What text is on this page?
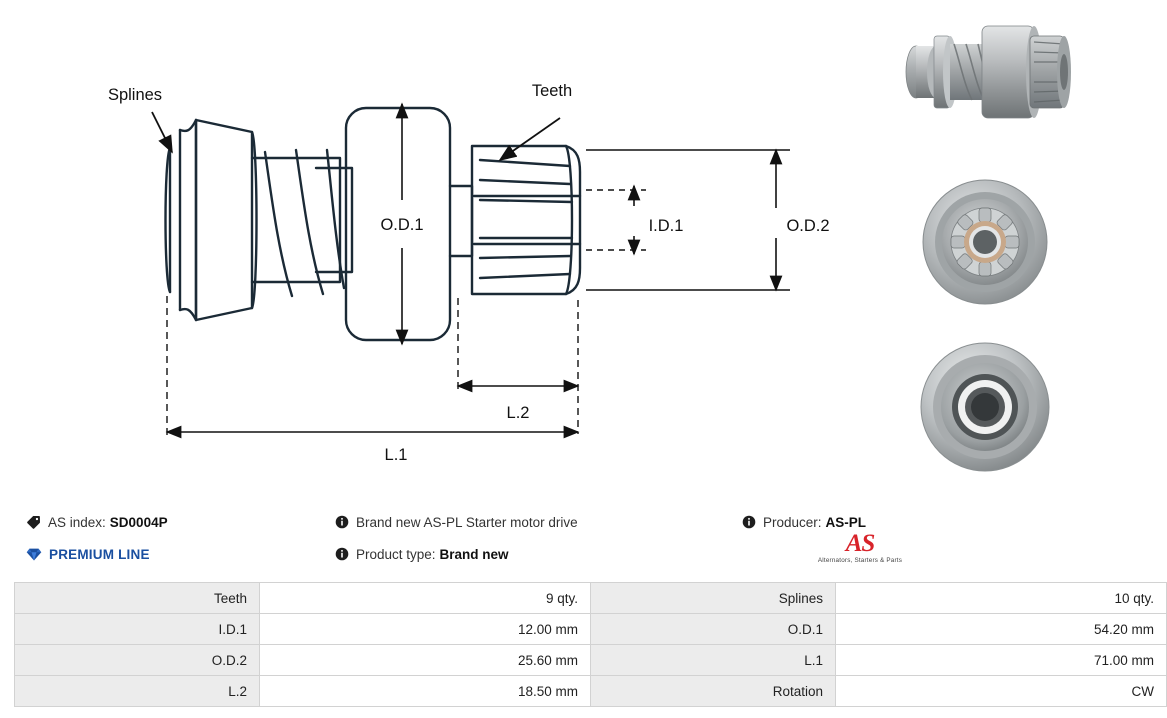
O.D.1	I.D.1	O.D.2
L.2
L.1
Splines	Teeth
AS index: SD0004P	Brand new AS-PL Starter motor drive	Producer: AS-PL
PREMIUM LINE	Product type: Brand new	AS
Alternators, Starters & Parts
Teeth	9 qty.	Splines	10 qty.
I.D.1	12.00 mm	O.D.1	54.20 mm
O.D.2	25.60 mm	L.1	71.00 mm
L.2	18.50 mm	Rotation	CW
